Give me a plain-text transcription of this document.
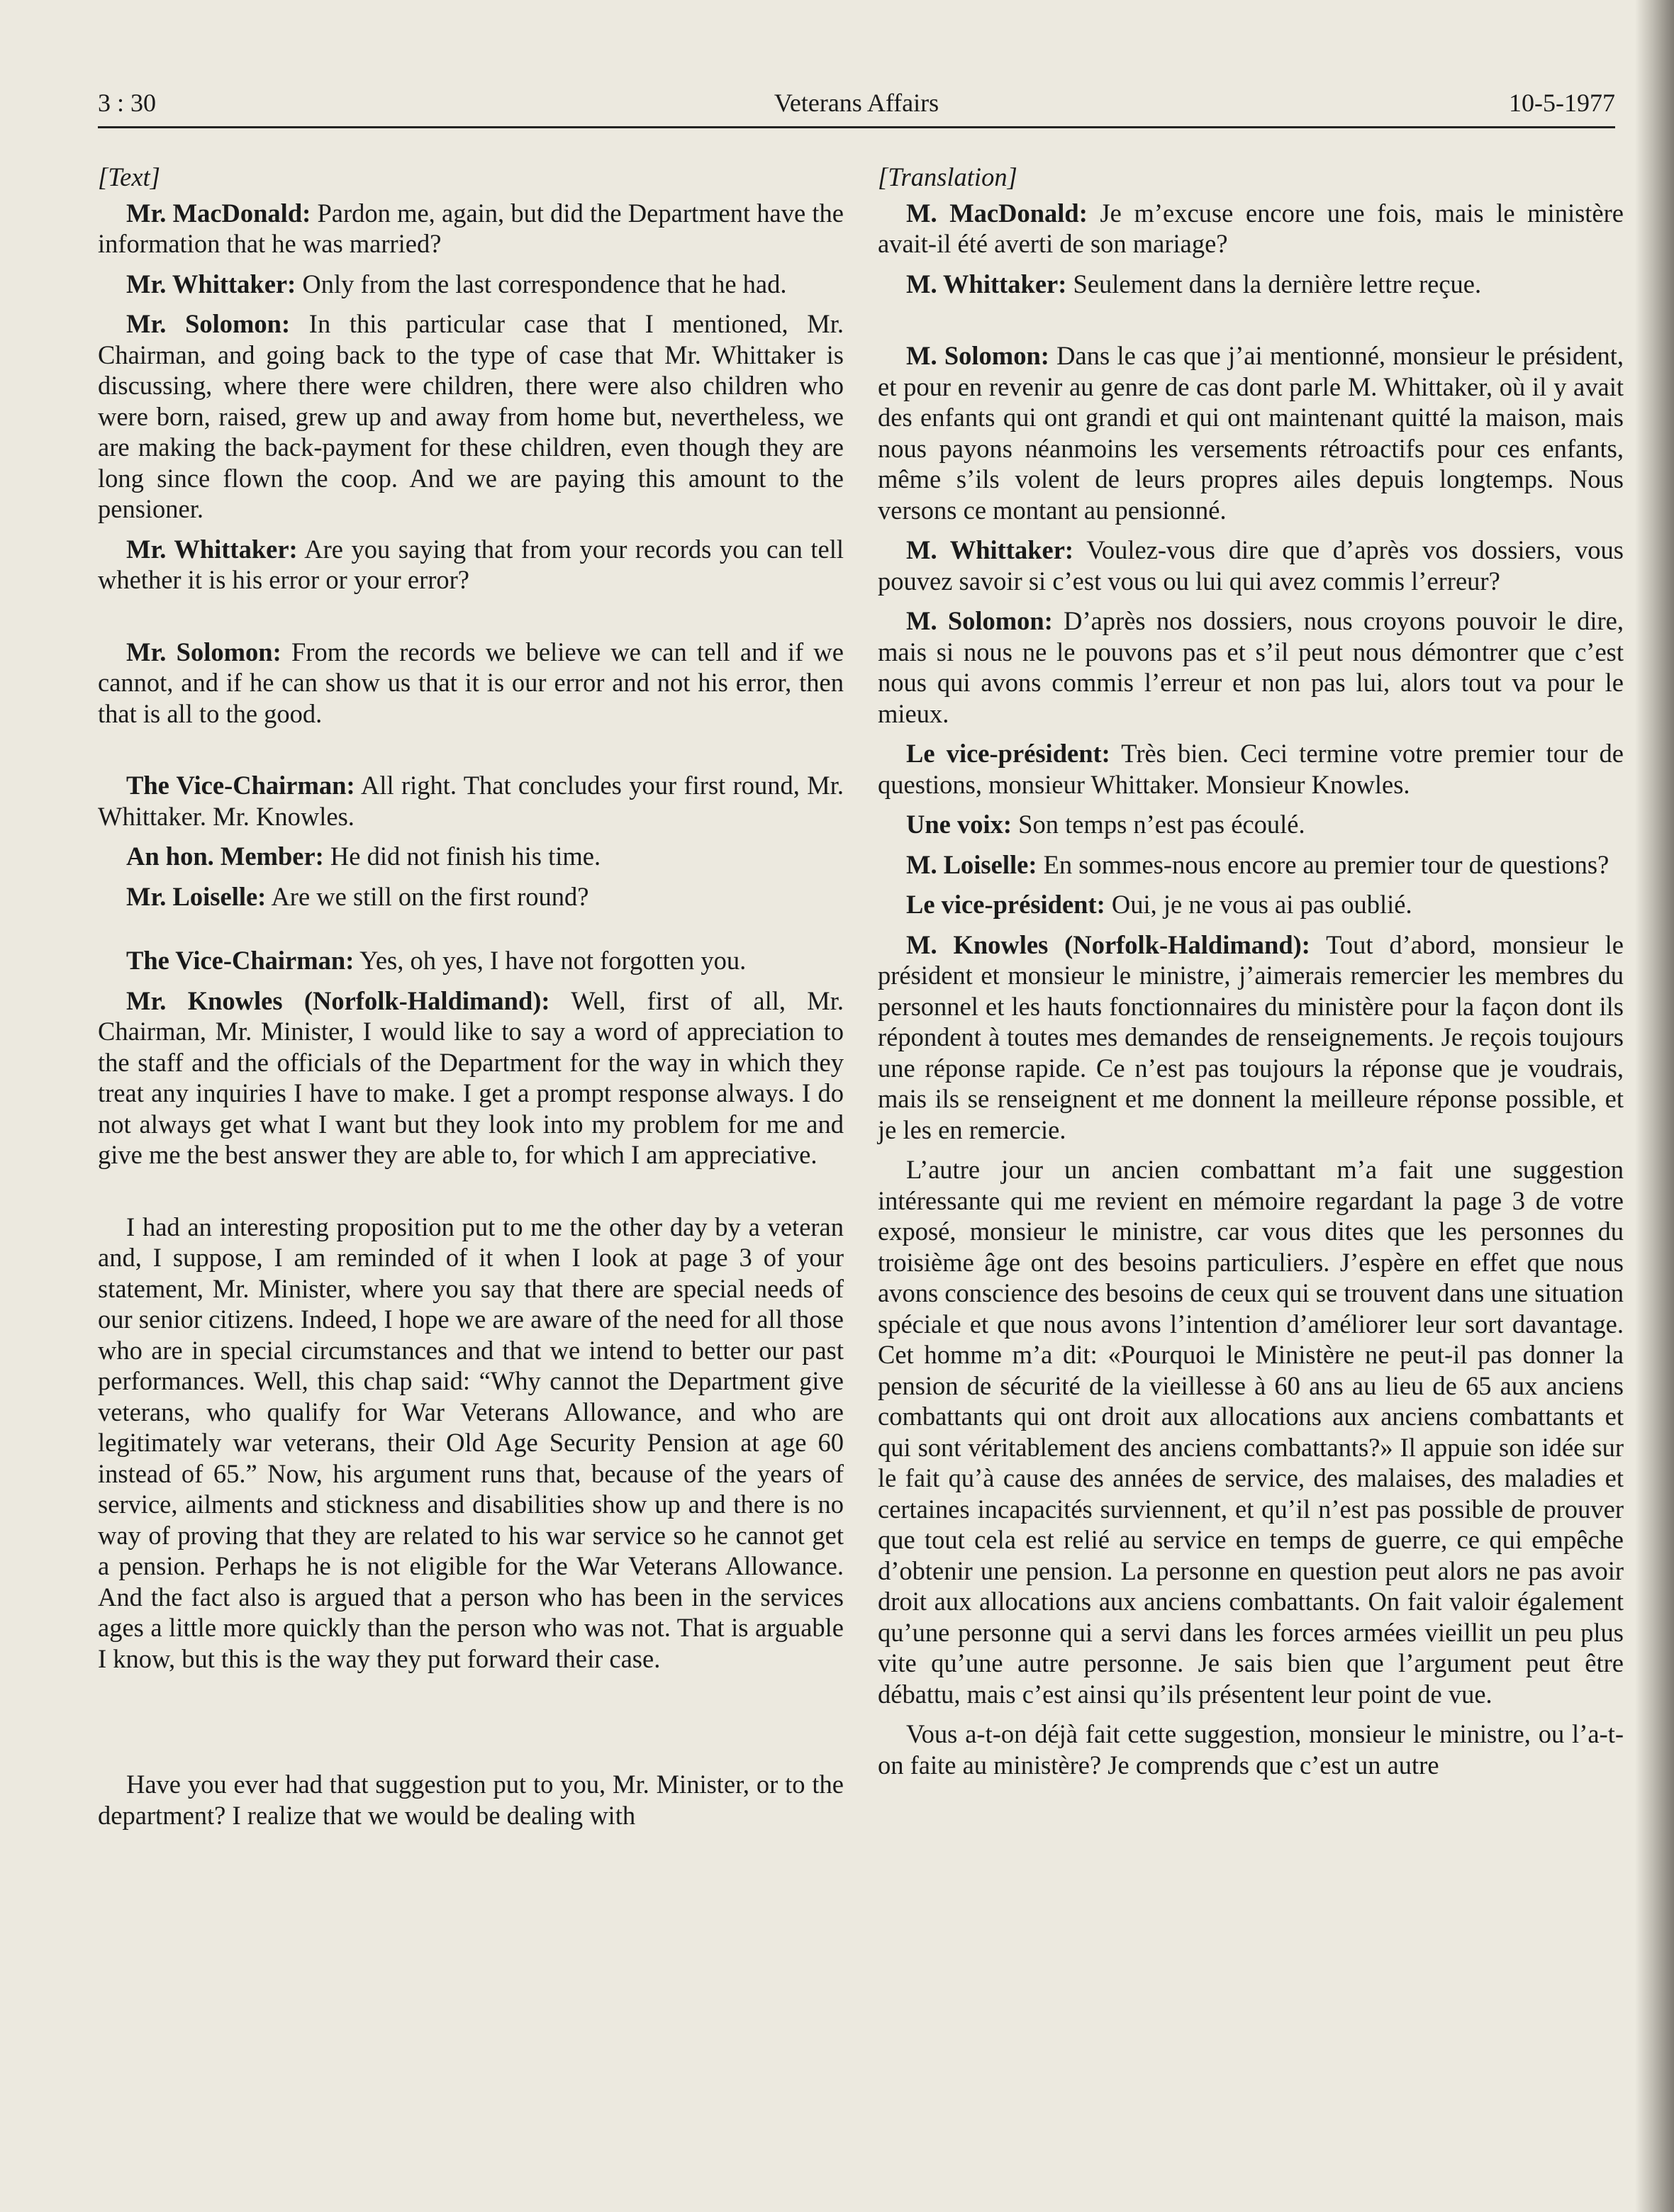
3 : 30	Veterans Affairs	10-5-1977
[Text]

Mr. MacDonald: Pardon me, again, but did the Department have the information that he was married?

Mr. Whittaker: Only from the last correspondence that he had.

Mr. Solomon: In this particular case that I mentioned, Mr. Chairman, and going back to the type of case that Mr. Whittaker is discussing, where there were children, there were also children who were born, raised, grew up and away from home but, nevertheless, we are making the back-payment for these children, even though they are long since flown the coop. And we are paying this amount to the pensioner.

Mr. Whittaker: Are you saying that from your records you can tell whether it is his error or your error?

Mr. Solomon: From the records we believe we can tell and if we cannot, and if he can show us that it is our error and not his error, then that is all to the good.

The Vice-Chairman: All right. That concludes your first round, Mr. Whittaker. Mr. Knowles.

An hon. Member: He did not finish his time.

Mr. Loiselle: Are we still on the first round?

The Vice-Chairman: Yes, oh yes, I have not forgotten you.

Mr. Knowles (Norfolk-Haldimand): Well, first of all, Mr. Chairman, Mr. Minister, I would like to say a word of appreciation to the staff and the officials of the Department for the way in which they treat any inquiries I have to make. I get a prompt response always. I do not always get what I want but they look into my problem for me and give me the best answer they are able to, for which I am appreciative.

I had an interesting proposition put to me the other day by a veteran and, I suppose, I am reminded of it when I look at page 3 of your statement, Mr. Minister, where you say that there are special needs of our senior citizens. Indeed, I hope we are aware of the need for all those who are in special circumstances and that we intend to better our past performances. Well, this chap said: “Why cannot the Department give veterans, who qualify for War Veterans Allowance, and who are legitimately war veterans, their Old Age Security Pension at age 60 instead of 65.” Now, his argument runs that, because of the years of service, ailments and stickness and disabilities show up and there is no way of proving that they are related to his war service so he cannot get a pension. Perhaps he is not eligible for the War Veterans Allowance. And the fact also is argued that a person who has been in the services ages a little more quickly than the person who was not. That is arguable I know, but this is the way they put forward their case.

Have you ever had that suggestion put to you, Mr. Minister, or to the department? I realize that we would be dealing with

[Translation]

M. MacDonald: Je m’excuse encore une fois, mais le ministère avait-il été averti de son mariage?

M. Whittaker: Seulement dans la dernière lettre reçue.

M. Solomon: Dans le cas que j’ai mentionné, monsieur le président, et pour en revenir au genre de cas dont parle M. Whittaker, où il y avait des enfants qui ont grandi et qui ont maintenant quitté la maison, mais nous payons néanmoins les versements rétroactifs pour ces enfants, même s’ils volent de leurs propres ailes depuis longtemps. Nous versons ce montant au pensionné.

M. Whittaker: Voulez-vous dire que d’après vos dossiers, vous pouvez savoir si c’est vous ou lui qui avez commis l’erreur?

M. Solomon: D’après nos dossiers, nous croyons pouvoir le dire, mais si nous ne le pouvons pas et s’il peut nous démontrer que c’est nous qui avons commis l’erreur et non pas lui, alors tout va pour le mieux.

Le vice-président: Très bien. Ceci termine votre premier tour de questions, monsieur Whittaker. Monsieur Knowles.

Une voix: Son temps n’est pas écoulé.

M. Loiselle: En sommes-nous encore au premier tour de questions?

Le vice-président: Oui, je ne vous ai pas oublié.

M. Knowles (Norfolk-Haldimand): Tout d’abord, monsieur le président et monsieur le ministre, j’aimerais remercier les membres du personnel et les hauts fonctionnaires du ministère pour la façon dont ils répondent à toutes mes demandes de renseignements. Je reçois toujours une réponse rapide. Ce n’est pas toujours la réponse que je voudrais, mais ils se renseignent et me donnent la meilleure réponse possible, et je les en remercie.

L’autre jour un ancien combattant m’a fait une suggestion intéressante qui me revient en mémoire regardant la page 3 de votre exposé, monsieur le ministre, car vous dites que les personnes du troisième âge ont des besoins particuliers. J’espère en effet que nous avons conscience des besoins de ceux qui se trouvent dans une situation spéciale et que nous avons l’intention d’améliorer leur sort davantage. Cet homme m’a dit: «Pourquoi le Ministère ne peut-il pas donner la pension de sécurité de la vieillesse à 60 ans au lieu de 65 aux anciens combattants qui ont droit aux allocations aux anciens combattants et qui sont véritablement des anciens combattants?» Il appuie son idée sur le fait qu’à cause des années de service, des malaises, des maladies et certaines incapacités surviennent, et qu’il n’est pas possible de prouver que tout cela est relié au service en temps de guerre, ce qui empêche d’obtenir une pension. La personne en question peut alors ne pas avoir droit aux allocations aux anciens combattants. On fait valoir également qu’une personne qui a servi dans les forces armées vieillit un peu plus vite qu’une autre personne. Je sais bien que l’argument peut être débattu, mais c’est ainsi qu’ils présentent leur point de vue.

Vous a-t-on déjà fait cette suggestion, monsieur le ministre, ou l’a-t-on faite au ministère? Je comprends que c’est un autre
